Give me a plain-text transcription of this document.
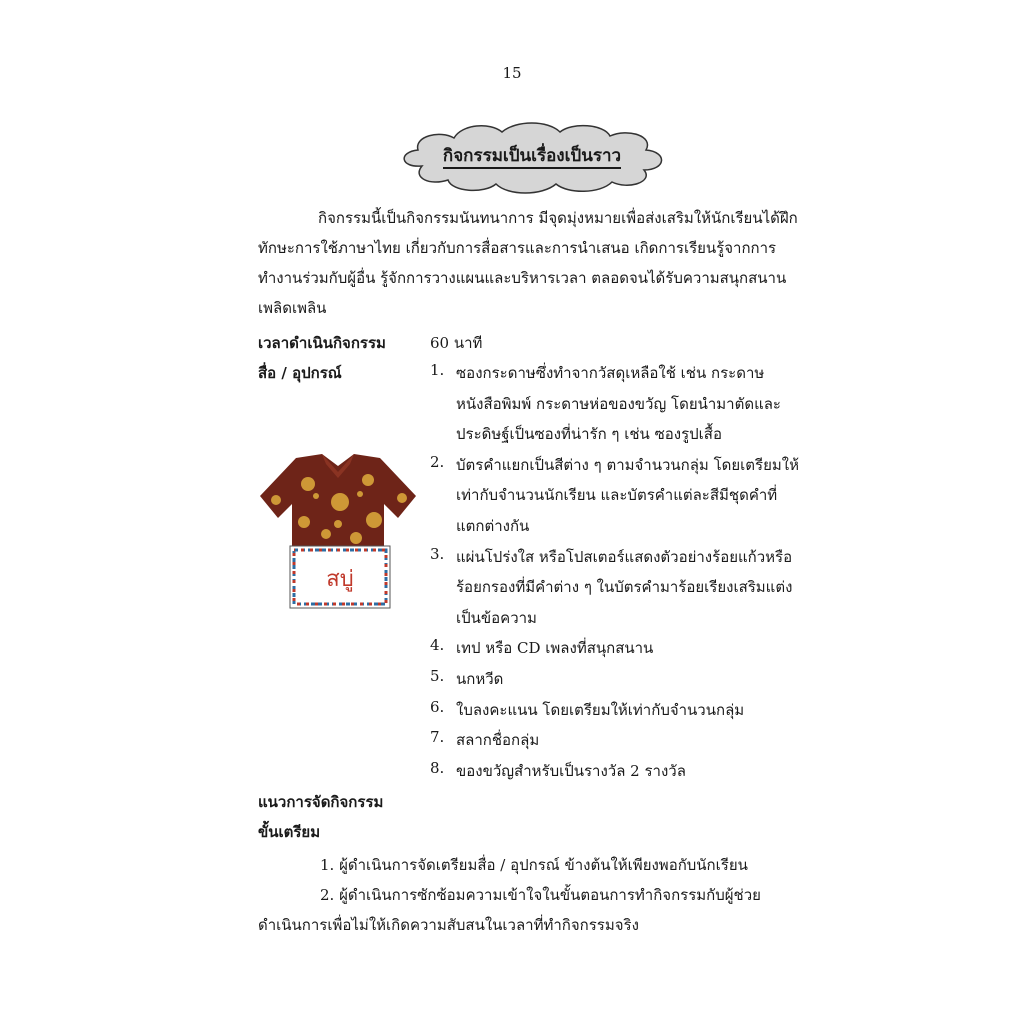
15
กิจกรรมเป็นเรื่องเป็นราว
กิจกรรมนี้เป็นกิจกรรมนันทนาการ มีจุดมุ่งหมายเพื่อส่งเสริมให้นักเรียนได้ฝึก
ทักษะการใช้ภาษาไทย เกี่ยวกับการสื่อสารและการนำเสนอ เกิดการเรียนรู้จากการ
ทำงานร่วมกับผู้อื่น รู้จักการวางแผนและบริหารเวลา ตลอดจนได้รับความสนุกสนาน
เพลิดเพลิน
เวลาดำเนินกิจกรรม	60 นาที
สื่อ / อุปกรณ์	1. ซองกระดาษซึ่งทำจากวัสดุเหลือใช้ เช่น กระดาษ
หนังสือพิมพ์ กระดาษห่อของขวัญ โดยนำมาตัดและ
ประดิษฐ์เป็นซองที่น่ารัก ๆ เช่น ซองรูปเสื้อ
2. บัตรคำแยกเป็นสีต่าง ๆ ตามจำนวนกลุ่ม โดยเตรียมให้
เท่ากับจำนวนนักเรียน และบัตรคำแต่ละสีมีชุดคำที่
แตกต่างกัน
3. แผ่นโปร่งใส หรือโปสเตอร์แสดงตัวอย่างร้อยแก้วหรือ
ร้อยกรองที่มีคำต่าง ๆ ในบัตรคำมาร้อยเรียงเสริมแต่ง
เป็นข้อความ
4. เทป หรือ CD เพลงที่สนุกสนาน
5. นกหวีด
6. ใบลงคะแนน โดยเตรียมให้เท่ากับจำนวนกลุ่ม
7. สลากชื่อกลุ่ม
8. ของขวัญสำหรับเป็นรางวัล 2 รางวัล
สบู่
แนวการจัดกิจกรรม
ขั้นเตรียม
1. ผู้ดำเนินการจัดเตรียมสื่อ / อุปกรณ์ ข้างต้นให้เพียงพอกับนักเรียน
2. ผู้ดำเนินการซักซ้อมความเข้าใจในขั้นตอนการทำกิจกรรมกับผู้ช่วย
ดำเนินการเพื่อไม่ให้เกิดความสับสนในเวลาที่ทำกิจกรรมจริง
